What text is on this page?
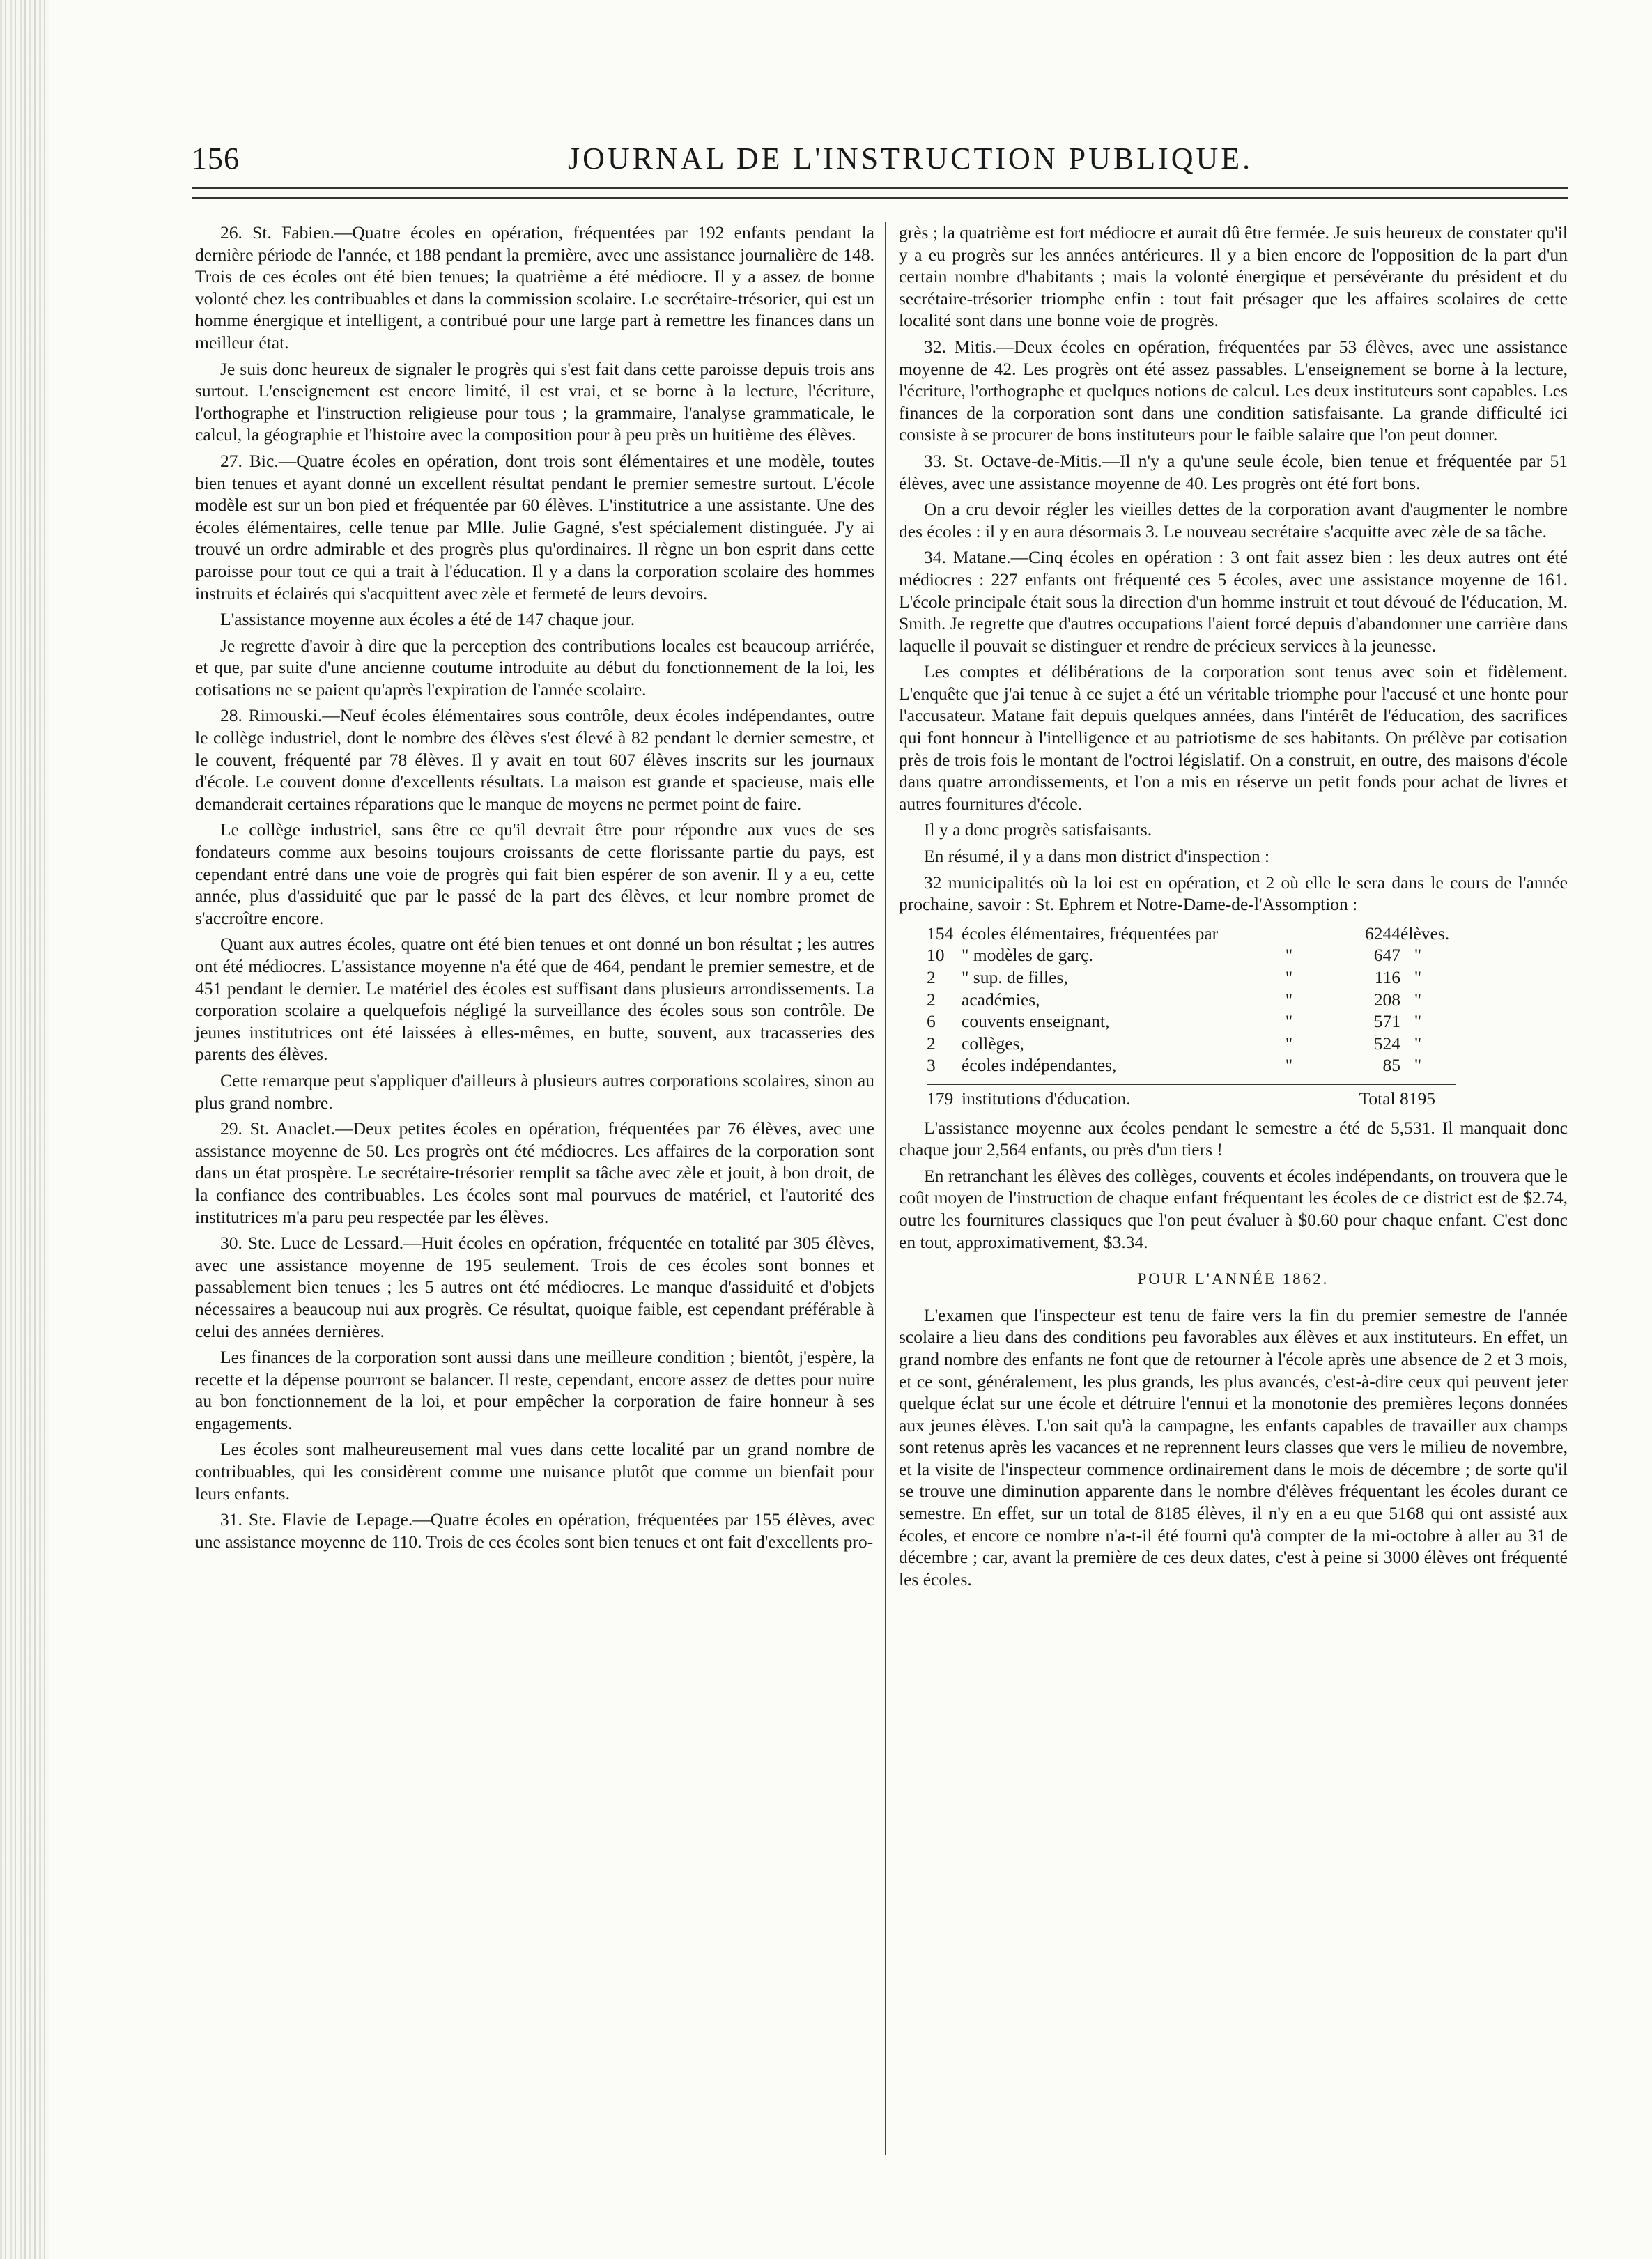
156	JOURNAL DE L'INSTRUCTION PUBLIQUE.

26. St. Fabien.—Quatre écoles en opération, fréquentées par 192 enfants pendant la dernière période de l'année, et 188 pendant la première, avec une assistance journalière de 148. Trois de ces écoles ont été bien tenues; la quatrième a été médiocre. Il y a assez de bonne volonté chez les contribuables et dans la commission scolaire. Le secrétaire-trésorier, qui est un homme énergique et intelligent, a contribué pour une large part à remettre les finances dans un meilleur état.

Je suis donc heureux de signaler le progrès qui s'est fait dans cette paroisse depuis trois ans surtout. L'enseignement est encore limité, il est vrai, et se borne à la lecture, l'écriture, l'orthographe et l'instruction religieuse pour tous ; la grammaire, l'analyse grammaticale, le calcul, la géographie et l'histoire avec la composition pour à peu près un huitième des élèves.

27. Bic.—Quatre écoles en opération, dont trois sont élémentaires et une modèle, toutes bien tenues et ayant donné un excellent résultat pendant le premier semestre surtout. L'école modèle est sur un bon pied et fréquentée par 60 élèves. L'institutrice a une assistante. Une des écoles élémentaires, celle tenue par Mlle. Julie Gagné, s'est spécialement distinguée. J'y ai trouvé un ordre admirable et des progrès plus qu'ordinaires. Il règne un bon esprit dans cette paroisse pour tout ce qui a trait à l'éducation. Il y a dans la corporation scolaire des hommes instruits et éclairés qui s'acquittent avec zèle et fermeté de leurs devoirs.

L'assistance moyenne aux écoles a été de 147 chaque jour.

Je regrette d'avoir à dire que la perception des contributions locales est beaucoup arriérée, et que, par suite d'une ancienne coutume introduite au début du fonctionnement de la loi, les cotisations ne se paient qu'après l'expiration de l'année scolaire.

28. Rimouski.—Neuf écoles élémentaires sous contrôle, deux écoles indépendantes, outre le collège industriel, dont le nombre des élèves s'est élevé à 82 pendant le dernier semestre, et le couvent, fréquenté par 78 élèves. Il y avait en tout 607 élèves inscrits sur les journaux d'école. Le couvent donne d'excellents résultats. La maison est grande et spacieuse, mais elle demanderait certaines réparations que le manque de moyens ne permet point de faire.

Le collège industriel, sans être ce qu'il devrait être pour répondre aux vues de ses fondateurs comme aux besoins toujours croissants de cette florissante partie du pays, est cependant entré dans une voie de progrès qui fait bien espérer de son avenir. Il y a eu, cette année, plus d'assiduité que par le passé de la part des élèves, et leur nombre promet de s'accroître encore.

Quant aux autres écoles, quatre ont été bien tenues et ont donné un bon résultat ; les autres ont été médiocres. L'assistance moyenne n'a été que de 464, pendant le premier semestre, et de 451 pendant le dernier. Le matériel des écoles est suffisant dans plusieurs arrondissements. La corporation scolaire a quelquefois négligé la surveillance des écoles sous son contrôle. De jeunes institutrices ont été laissées à elles-mêmes, en butte, souvent, aux tracasseries des parents des élèves.

Cette remarque peut s'appliquer d'ailleurs à plusieurs autres corporations scolaires, sinon au plus grand nombre.

29. St. Anaclet.—Deux petites écoles en opération, fréquentées par 76 élèves, avec une assistance moyenne de 50. Les progrès ont été médiocres. Les affaires de la corporation sont dans un état prospère. Le secrétaire-trésorier remplit sa tâche avec zèle et jouit, à bon droit, de la confiance des contribuables. Les écoles sont mal pourvues de matériel, et l'autorité des institutrices m'a paru peu respectée par les élèves.

30. Ste. Luce de Lessard.—Huit écoles en opération, fréquentée en totalité par 305 élèves, avec une assistance moyenne de 195 seulement. Trois de ces écoles sont bonnes et passablement bien tenues ; les 5 autres ont été médiocres. Le manque d'assiduité et d'objets nécessaires a beaucoup nui aux progrès. Ce résultat, quoique faible, est cependant préférable à celui des années dernières.

Les finances de la corporation sont aussi dans une meilleure condition ; bientôt, j'espère, la recette et la dépense pourront se balancer. Il reste, cependant, encore assez de dettes pour nuire au bon fonctionnement de la loi, et pour empêcher la corporation de faire honneur à ses engagements.

Les écoles sont malheureusement mal vues dans cette localité par un grand nombre de contribuables, qui les considèrent comme une nuisance plutôt que comme un bienfait pour leurs enfants.

31. Ste. Flavie de Lepage.—Quatre écoles en opération, fréquentées par 155 élèves, avec une assistance moyenne de 110. Trois de ces écoles sont bien tenues et ont fait d'excellents pro-

grès ; la quatrième est fort médiocre et aurait dû être fermée. Je suis heureux de constater qu'il y a eu progrès sur les années antérieures. Il y a bien encore de l'opposition de la part d'un certain nombre d'habitants ; mais la volonté énergique et persévérante du président et du secrétaire-trésorier triomphe enfin : tout fait présager que les affaires scolaires de cette localité sont dans une bonne voie de progrès.

32. Mitis.—Deux écoles en opération, fréquentées par 53 élèves, avec une assistance moyenne de 42. Les progrès ont été assez passables. L'enseignement se borne à la lecture, l'écriture, l'orthographe et quelques notions de calcul. Les deux instituteurs sont capables. Les finances de la corporation sont dans une condition satisfaisante. La grande difficulté ici consiste à se procurer de bons instituteurs pour le faible salaire que l'on peut donner.

33. St. Octave-de-Mitis.—Il n'y a qu'une seule école, bien tenue et fréquentée par 51 élèves, avec une assistance moyenne de 40. Les progrès ont été fort bons.

On a cru devoir régler les vieilles dettes de la corporation avant d'augmenter le nombre des écoles : il y en aura désormais 3. Le nouveau secrétaire s'acquitte avec zèle de sa tâche.

34. Matane.—Cinq écoles en opération : 3 ont fait assez bien : les deux autres ont été médiocres : 227 enfants ont fréquenté ces 5 écoles, avec une assistance moyenne de 161. L'école principale était sous la direction d'un homme instruit et tout dévoué de l'éducation, M. Smith. Je regrette que d'autres occupations l'aient forcé depuis d'abandonner une carrière dans laquelle il pouvait se distinguer et rendre de précieux services à la jeunesse.

Les comptes et délibérations de la corporation sont tenus avec soin et fidèlement. L'enquête que j'ai tenue à ce sujet a été un véritable triomphe pour l'accusé et une honte pour l'accusateur. Matane fait depuis quelques années, dans l'intérêt de l'éducation, des sacrifices qui font honneur à l'intelligence et au patriotisme de ses habitants. On prélève par cotisation près de trois fois le montant de l'octroi législatif. On a construit, en outre, des maisons d'école dans quatre arrondissements, et l'on a mis en réserve un petit fonds pour achat de livres et autres fournitures d'école.

Il y a donc progrès satisfaisants.

En résumé, il y a dans mon district d'inspection :

32 municipalités où la loi est en opération, et 2 où elle le sera dans le cours de l'année prochaine, savoir : St. Ephrem et Notre-Dame-de-l'Assomption :

154 écoles élémentaires, fréquentées par	6244 élèves.
10 " modèles de garç.	"	647 "
2	" sup. de filles,	"	116 "
2	académies,	"	208 "
6	couvents enseignant,	"	571 "
2	collèges,	"	524 "
3	écoles indépendantes,	"	85 "
179 institutions d'éducation.	Total 8195

L'assistance moyenne aux écoles pendant le semestre a été de 5,531. Il manquait donc chaque jour 2,564 enfants, ou près d'un tiers !

En retranchant les élèves des collèges, couvents et écoles indépendants, on trouvera que le coût moyen de l'instruction de chaque enfant fréquentant les écoles de ce district est de $2.74, outre les fournitures classiques que l'on peut évaluer à $0.60 pour chaque enfant. C'est donc en tout, approximativement, $3.34.

POUR L'ANNÉE 1862.

L'examen que l'inspecteur est tenu de faire vers la fin du premier semestre de l'année scolaire a lieu dans des conditions peu favorables aux élèves et aux instituteurs. En effet, un grand nombre des enfants ne font que de retourner à l'école après une absence de 2 et 3 mois, et ce sont, généralement, les plus grands, les plus avancés, c'est-à-dire ceux qui peuvent jeter quelque éclat sur une école et détruire l'ennui et la monotonie des premières leçons données aux jeunes élèves. L'on sait qu'à la campagne, les enfants capables de travailler aux champs sont retenus après les vacances et ne reprennent leurs classes que vers le milieu de novembre, et la visite de l'inspecteur commence ordinairement dans le mois de décembre ; de sorte qu'il se trouve une diminution apparente dans le nombre d'élèves fréquentant les écoles durant ce semestre. En effet, sur un total de 8185 élèves, il n'y en a eu que 5168 qui ont assisté aux écoles, et encore ce nombre n'a-t-il été fourni qu'à compter de la mi-octobre à aller au 31 de décembre ; car, avant la première de ces deux dates, c'est à peine si 3000 élèves ont fréquenté les écoles.
